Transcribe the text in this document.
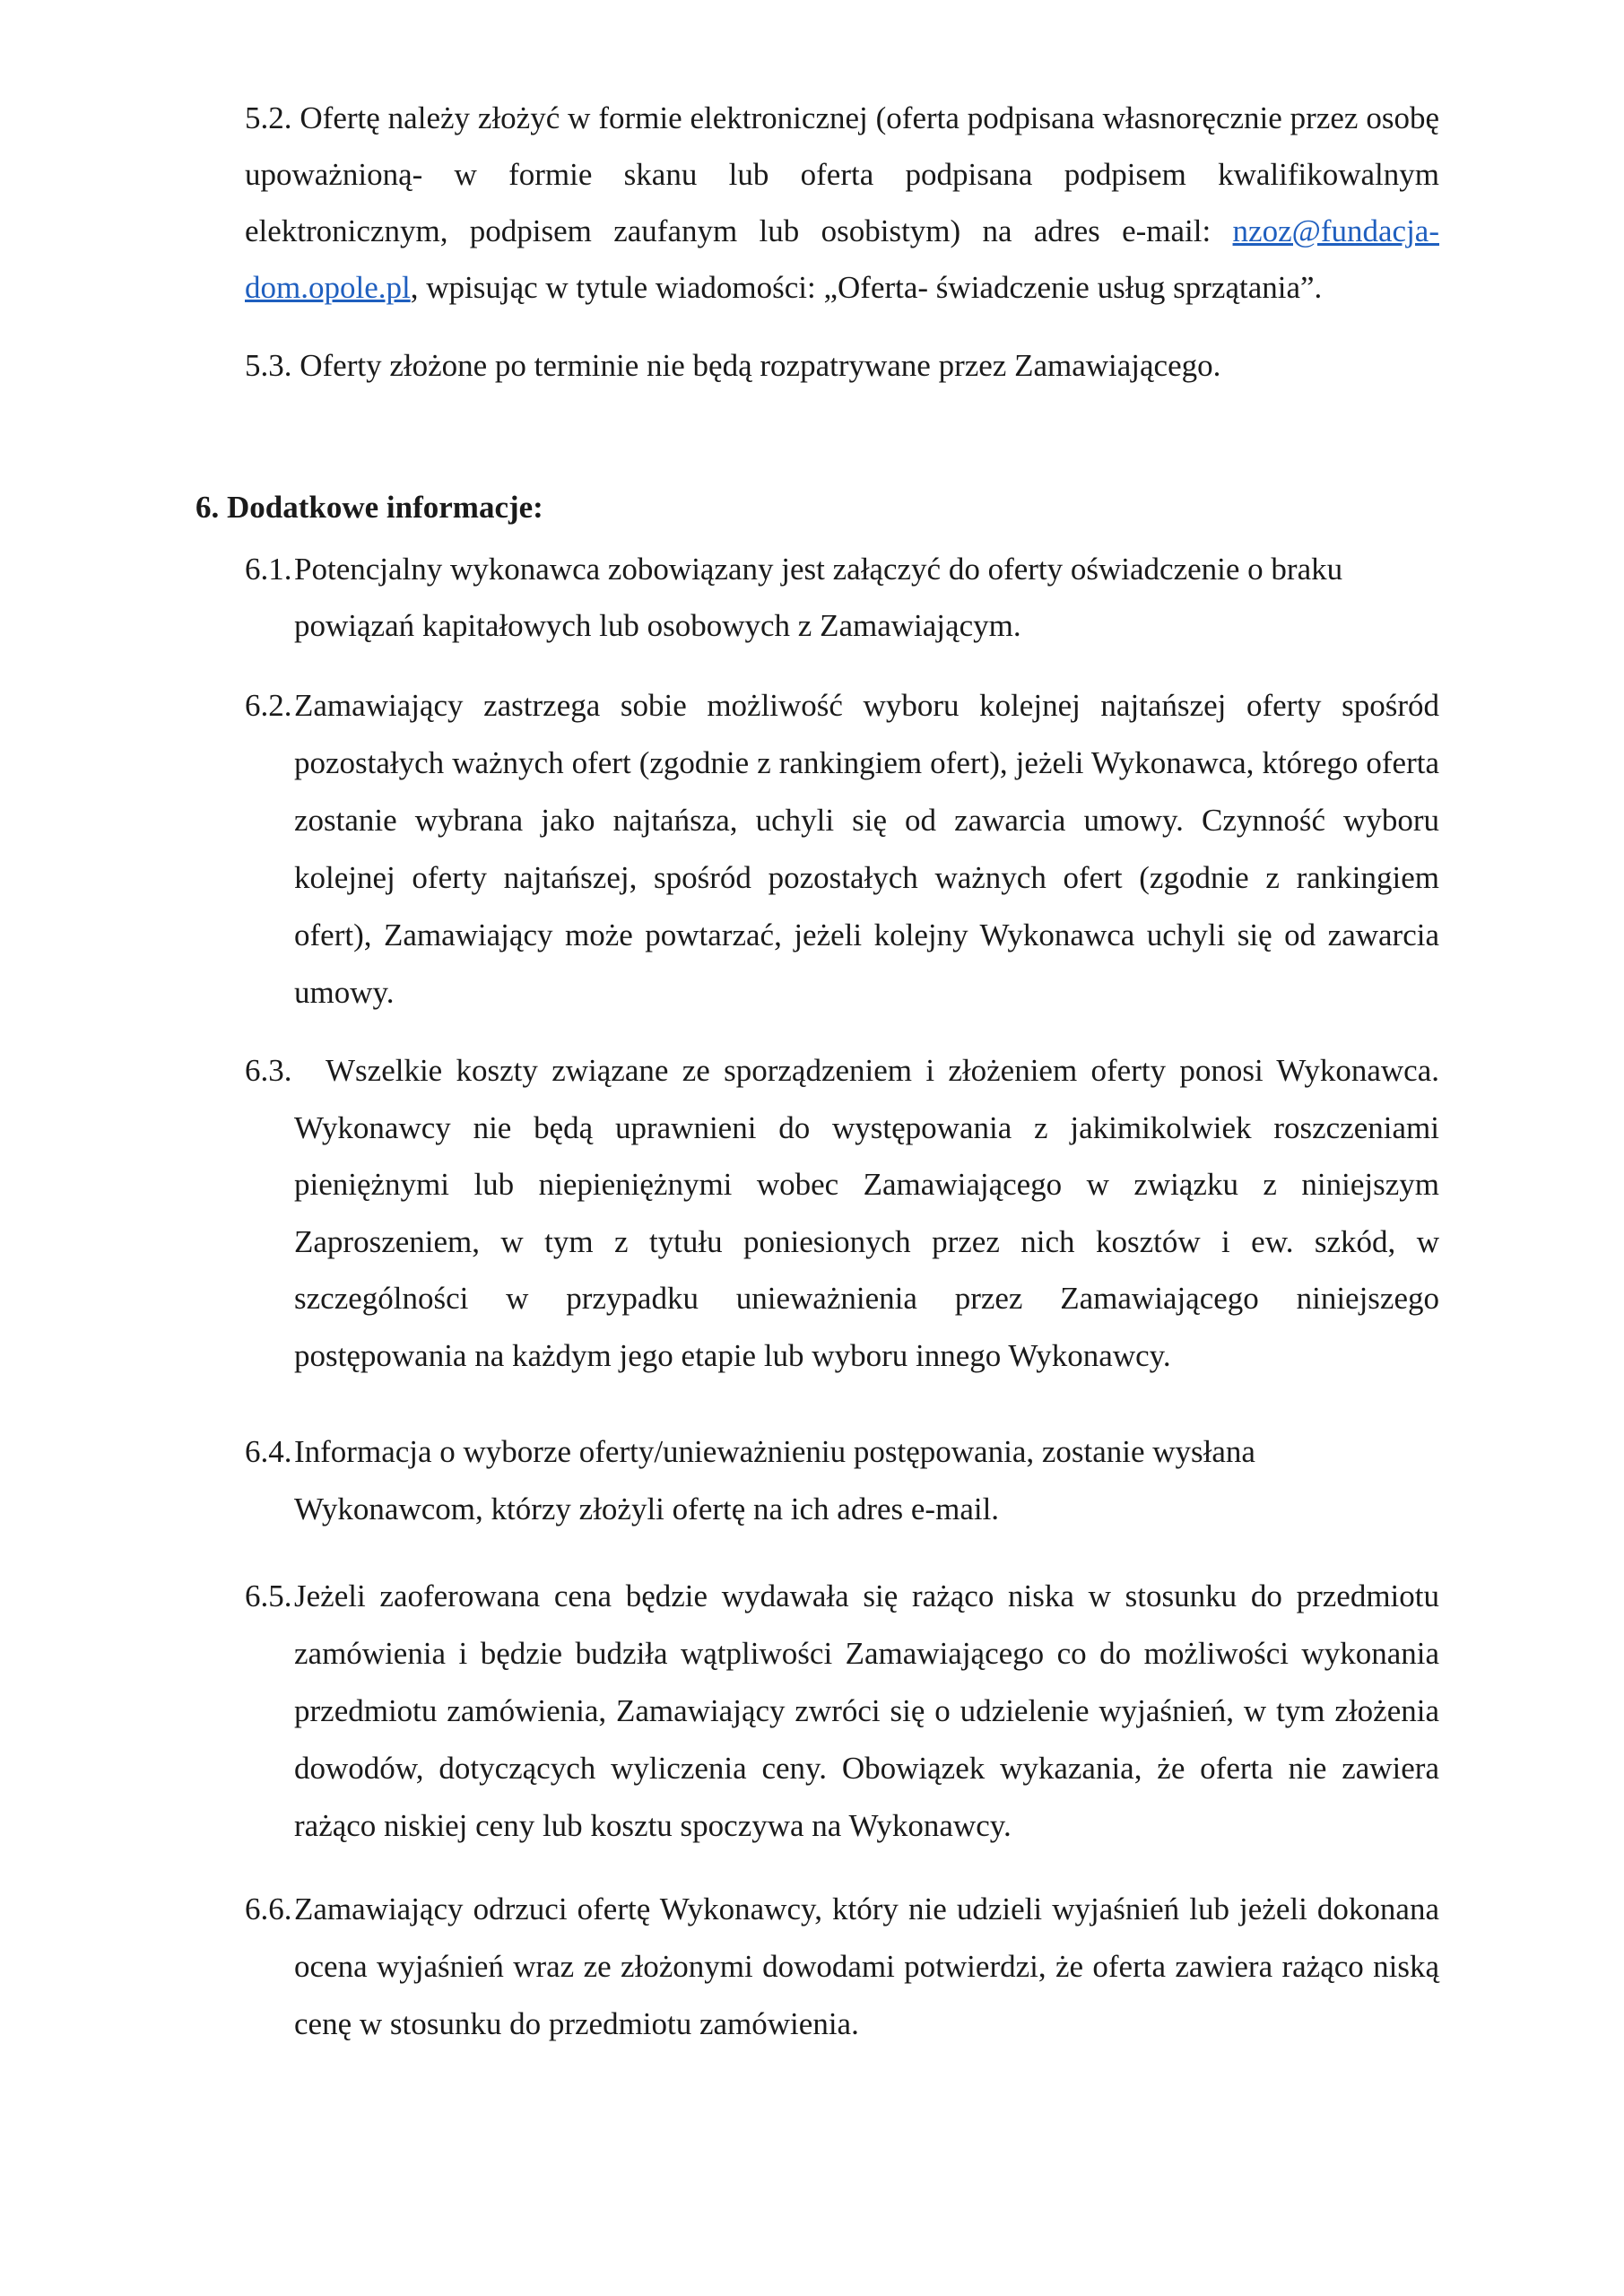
5.2. Ofertę należy złożyć w formie elektronicznej (oferta podpisana własnoręcznie przez osobę upoważnioną- w formie skanu lub oferta podpisana podpisem kwalifikowalnym elektronicznym, podpisem zaufanym lub osobistym) na adres e-mail: nzoz@fundacja-dom.opole.pl, wpisując w tytule wiadomości: „Oferta- świadczenie usług sprzątania”.

5.3. Oferty złożone po terminie nie będą rozpatrywane przez Zamawiającego.

6. Dodatkowe informacje:

6.1.Potencjalny wykonawca zobowiązany jest załączyć do oferty oświadczenie o braku powiązań kapitałowych lub osobowych z Zamawiającym.

6.2.Zamawiający zastrzega sobie możliwość wyboru kolejnej najtańszej oferty spośród pozostałych ważnych ofert (zgodnie z rankingiem ofert), jeżeli Wykonawca, którego oferta zostanie wybrana jako najtańsza, uchyli się od zawarcia umowy. Czynność wyboru kolejnej oferty najtańszej, spośród pozostałych ważnych ofert (zgodnie z rankingiem ofert), Zamawiający może powtarzać, jeżeli kolejny Wykonawca uchyli się od zawarcia umowy.

6.3. Wszelkie koszty związane ze sporządzeniem i złożeniem oferty ponosi Wykonawca. Wykonawcy nie będą uprawnieni do występowania z jakimikolwiek roszczeniami pieniężnymi lub niepieniężnymi wobec Zamawiającego w związku z niniejszym Zaproszeniem, w tym z tytułu poniesionych przez nich kosztów i ew. szkód, w szczególności w przypadku unieważnienia przez Zamawiającego niniejszego postępowania na każdym jego etapie lub wyboru innego Wykonawcy.

6.4.Informacja o wyborze oferty/unieważnieniu postępowania, zostanie wysłana Wykonawcom, którzy złożyli ofertę na ich adres e-mail.

6.5.Jeżeli zaoferowana cena będzie wydawała się rażąco niska w stosunku do przedmiotu zamówienia i będzie budziła wątpliwości Zamawiającego co do możliwości wykonania przedmiotu zamówienia, Zamawiający zwróci się o udzielenie wyjaśnień, w tym złożenia dowodów, dotyczących wyliczenia ceny. Obowiązek wykazania, że oferta nie zawiera rażąco niskiej ceny lub kosztu spoczywa na Wykonawcy.

6.6.Zamawiający odrzuci ofertę Wykonawcy, który nie udzieli wyjaśnień lub jeżeli dokonana ocena wyjaśnień wraz ze złożonymi dowodami potwierdzi, że oferta zawiera rażąco niską cenę w stosunku do przedmiotu zamówienia.
